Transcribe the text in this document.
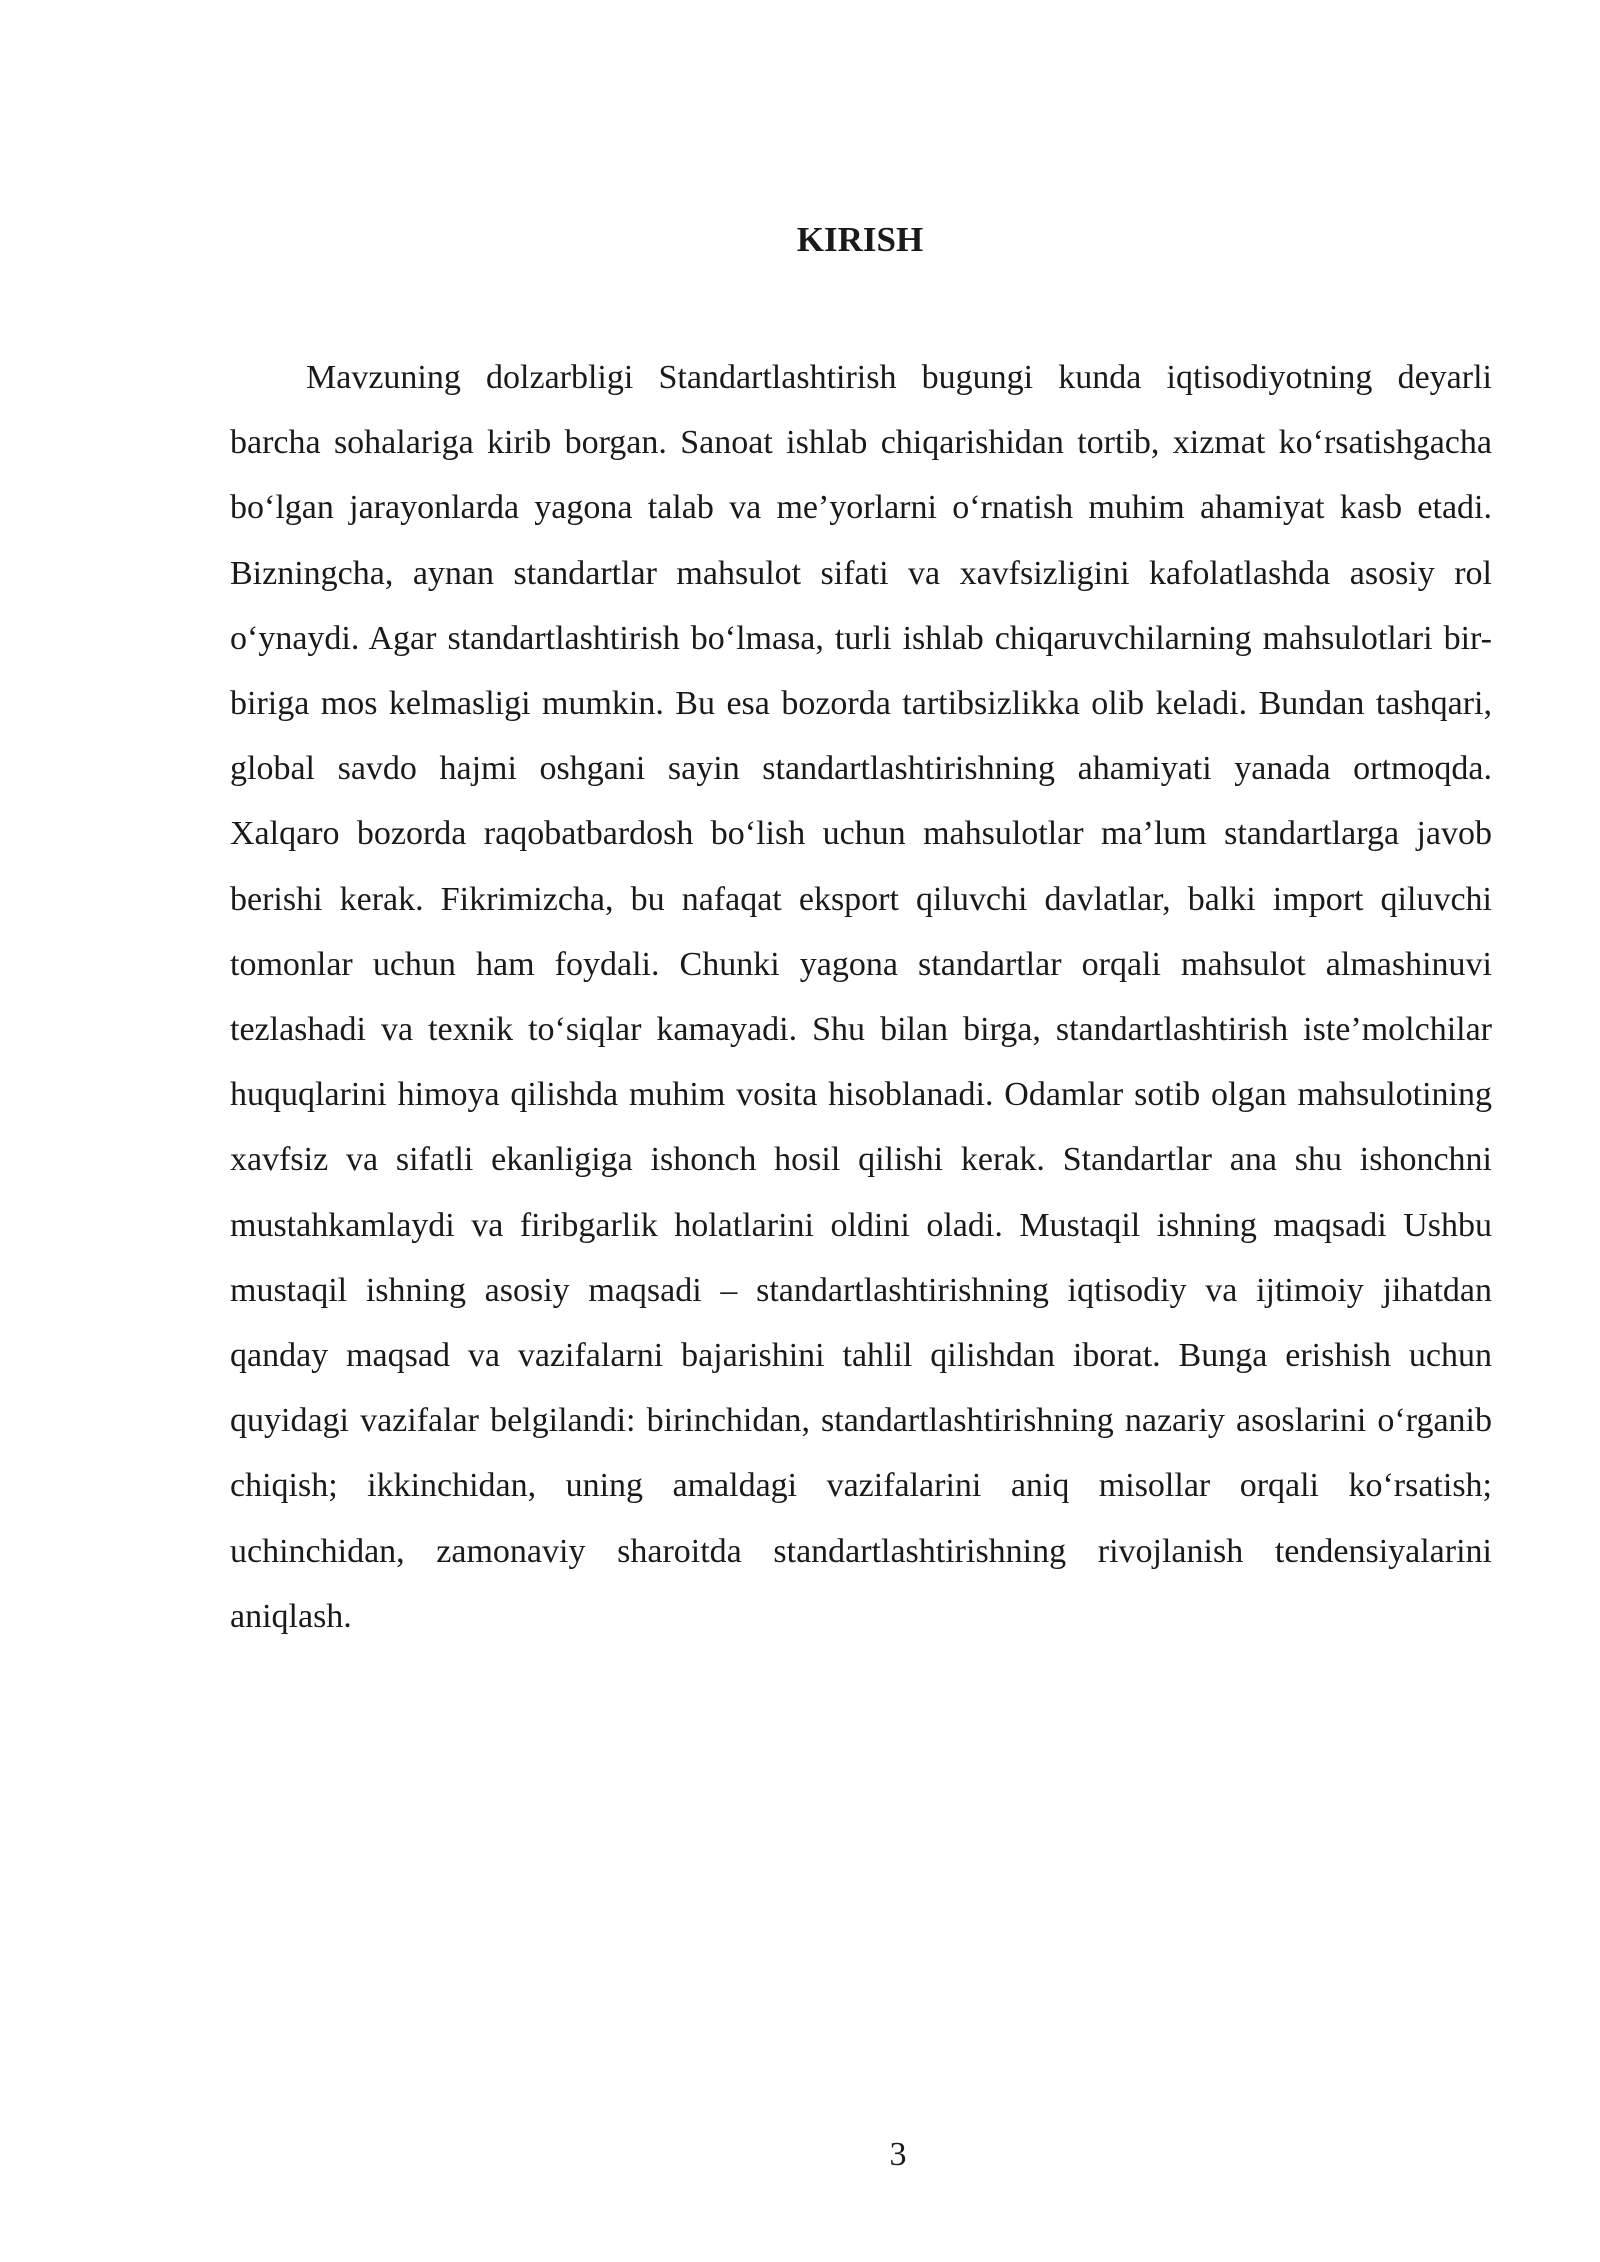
KIRISH

Mavzuning dolzarbligi Standartlashtirish bugungi kunda iqtisodiyotning deyarli barcha sohalariga kirib borgan. Sanoat ishlab chiqarishidan tortib, xizmat ko‘rsatishgacha bo‘lgan jarayonlarda yagona talab va me’yorlarni o‘rnatish muhim ahamiyat kasb etadi. Bizningcha, aynan standartlar mahsulot sifati va xavfsizligini kafolatlashda asosiy rol o‘ynaydi. Agar standartlashtirish bo‘lmasa, turli ishlab chiqaruvchilarning mahsulotlari bir-biriga mos kelmasligi mumkin. Bu esa bozorda tartibsizlikka olib keladi. Bundan tashqari, global savdo hajmi oshgani sayin standartlashtirishning ahamiyati yanada ortmoqda. Xalqaro bozorda raqobatbardosh bo‘lish uchun mahsulotlar ma’lum standartlarga javob berishi kerak. Fikrimizcha, bu nafaqat eksport qiluvchi davlatlar, balki import qiluvchi tomonlar uchun ham foydali. Chunki yagona standartlar orqali mahsulot almashinuvi tezlashadi va texnik to‘siqlar kamayadi. Shu bilan birga, standartlashtirish iste’molchilar huquqlarini himoya qilishda muhim vosita hisoblanadi. Odamlar sotib olgan mahsulotining xavfsiz va sifatli ekanligiga ishonch hosil qilishi kerak. Standartlar ana shu ishonchni mustahkamlaydi va firibgarlik holatlarini oldini oladi. Mustaqil ishning maqsadi Ushbu mustaqil ishning asosiy maqsadi – standartlashtirishning iqtisodiy va ijtimoiy jihatdan qanday maqsad va vazifalarni bajarishini tahlil qilishdan iborat. Bunga erishish uchun quyidagi vazifalar belgilandi: birinchidan, standartlashtirishning nazariy asoslarini o‘rganib chiqish; ikkinchidan, uning amaldagi vazifalarini aniq misollar orqali ko‘rsatish; uchinchidan, zamonaviy sharoitda standartlashtirishning rivojlanish tendensiyalarini aniqlash.

3
